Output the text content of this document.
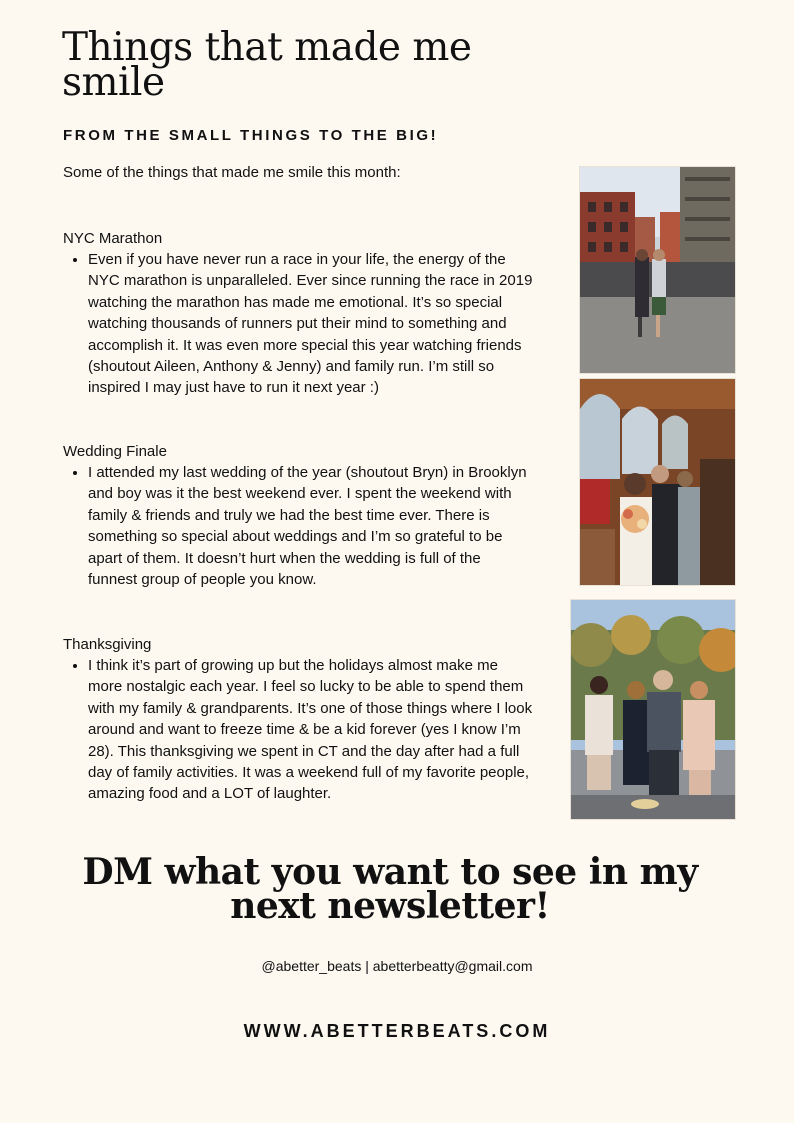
Things that made me smile

FROM THE SMALL THINGS TO THE BIG!

Some of the things that made me smile this month:

NYC Marathon

• Even if you have never run a race in your life, the energy of the NYC marathon is unparalleled. Ever since running the race in 2019 watching the marathon has made me emotional. It’s so special watching thousands of runners put their mind to something and accomplish it. It was even more special this year watching friends (shoutout Aileen, Anthony & Jenny) and family run. I’m still so inspired I may just have to run it next year :)

Wedding Finale

• I attended my last wedding of the year (shoutout Bryn) in Brooklyn and boy was it the best weekend ever. I spent the weekend with family & friends and truly we had the best time ever. There is something so special about weddings and I’m so grateful to be apart of them. It doesn’t hurt when the wedding is full of the funnest group of people you know.

Thanksgiving

• I think it’s part of growing up but the holidays almost make me more nostalgic each year. I feel so lucky to be able to spend them with my family & grandparents. It’s one of those things where I look around and want to freeze time & be a kid forever (yes I know I’m 28). This thanksgiving we spent in CT and the day after had a full day of family activities. It was a weekend full of my favorite people, amazing food and a LOT of laughter.
DM what you want to see in my next newsletter!

@abetter_beats | abetterbeatty@gmail.com

WWW.ABETTERBEATS.COM
